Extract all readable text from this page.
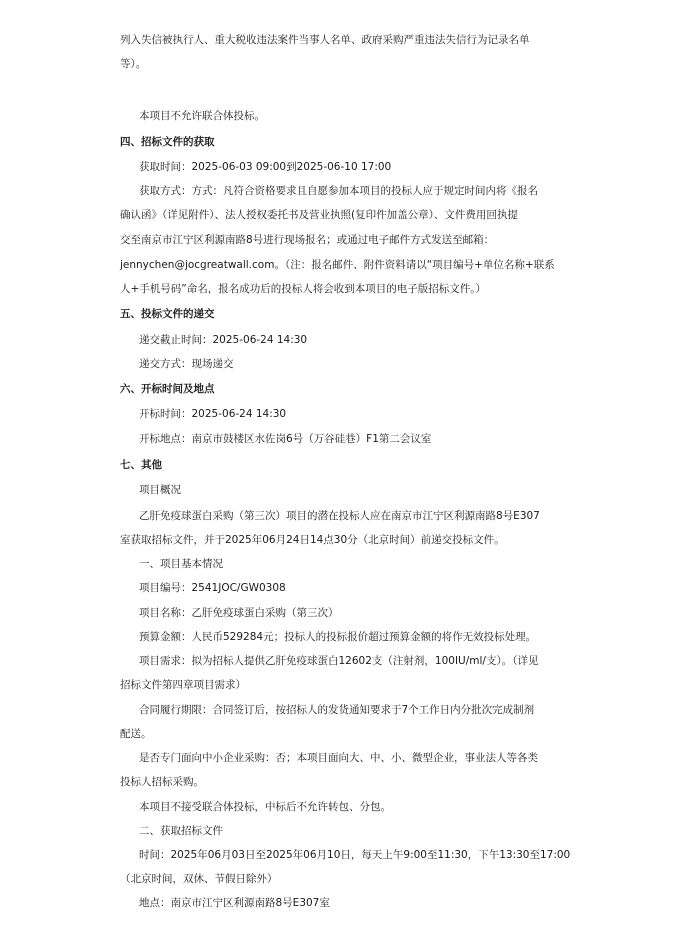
列入失信被执行人、重大税收违法案件当事人名单、政府采购严重违法失信行为记录名单
等）。
本项目不允许联合体投标。
四、招标文件的获取
获取时间：2025-06-03 09:00到2025-06-10 17:00
获取方式：方式：凡符合资格要求且自愿参加本项目的投标人应于规定时间内将《报名
确认函》（详见附件）、法人授权委托书及营业执照(复印件加盖公章）、文件费用回执提
交至南京市江宁区利源南路8号进行现场报名；或通过电子邮件方式发送至邮箱：
jennychen@jocgreatwall.com。（注：报名邮件、附件资料请以“项目编号+单位名称+联系
人+手机号码”命名，报名成功后的投标人将会收到本项目的电子版招标文件。）
五、投标文件的递交
递交截止时间：2025-06-24 14:30
递交方式：现场递交
六、开标时间及地点
开标时间：2025-06-24 14:30
开标地点：南京市鼓楼区水佐岗6号（万谷硅巷）F1第二会议室
七、其他
项目概况
乙肝免疫球蛋白采购（第三次）项目的潜在投标人应在南京市江宁区利源南路8号E307
室获取招标文件，并于2025年06月24日14点30分（北京时间）前递交投标文件。
一、项目基本情况
项目编号：2541JOC/GW0308
项目名称：乙肝免疫球蛋白采购（第三次）
预算金额：人民币529284元；投标人的投标报价超过预算金额的将作无效投标处理。
项目需求：拟为招标人提供乙肝免疫球蛋白12602支（注射剂，100IU/ml/支）。（详见
招标文件第四章项目需求）
合同履行期限：合同签订后，按招标人的发货通知要求于7个工作日内分批次完成制剂
配送。
是否专门面向中小企业采购：否；本项目面向大、中、小、微型企业，事业法人等各类
投标人招标采购。
本项目不接受联合体投标，中标后不允许转包、分包。
二、获取招标文件
时间：2025年06月03日至2025年06月10日，每天上午9:00至11:30，下午13:30至17:00
（北京时间，双休、节假日除外）
地点：南京市江宁区利源南路8号E307室
